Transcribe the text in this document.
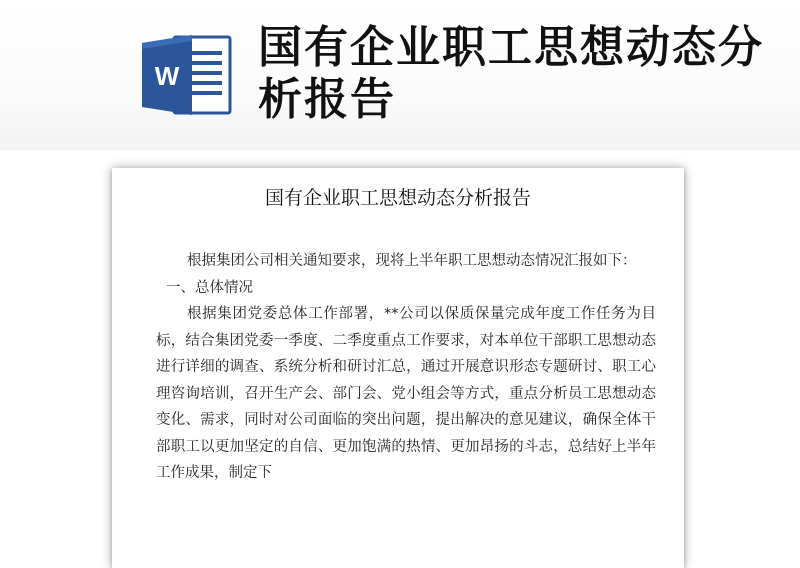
W
国有企业职工思想动态分析报告
国有企业职工思想动态分析报告

根据集团公司相关通知要求，现将上半年职工思想动态情况汇报如下：

一、总体情况

根据集团党委总体工作部署，**公司以保质保量完成年度工作任务为目标，结合集团党委一季度、二季度重点工作要求，对本单位干部职工思想动态进行详细的调查、系统分析和研讨汇总，通过开展意识形态专题研讨、职工心理咨询培训，召开生产会、部门会、党小组会等方式，重点分析员工思想动态变化、需求，同时对公司面临的突出问题，提出解决的意见建议，确保全体干部职工以更加坚定的自信、更加饱满的热情、更加昂扬的斗志，总结好上半年工作成果，制定下
